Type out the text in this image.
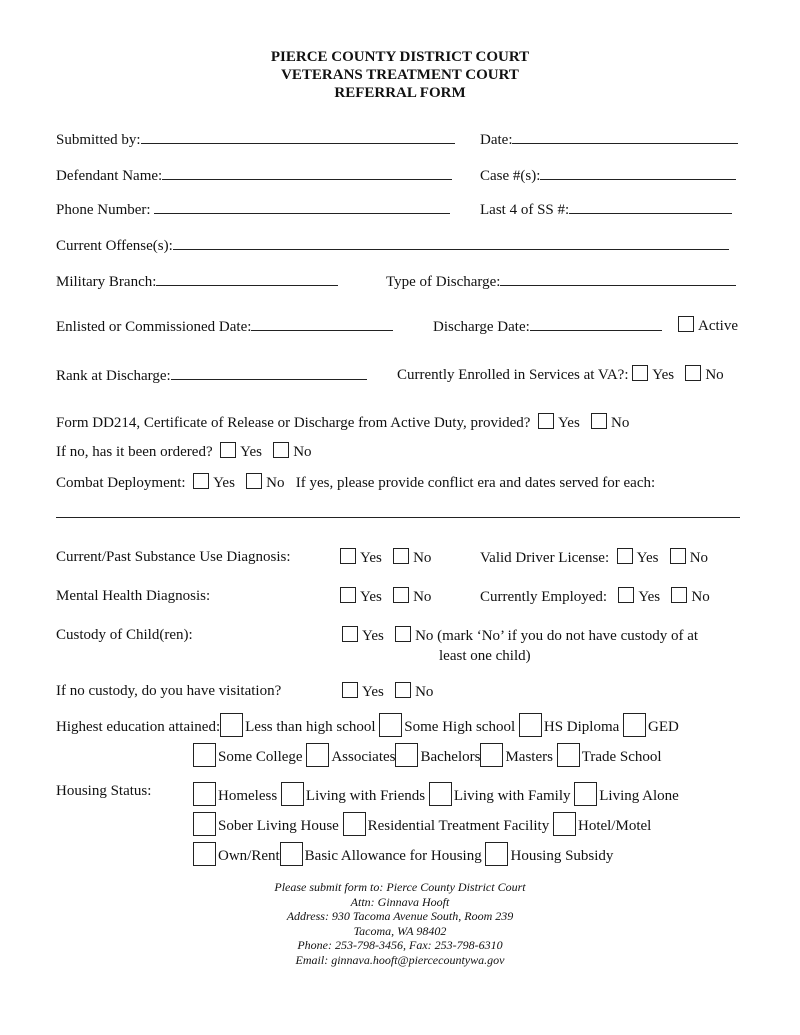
PIERCE COUNTY DISTRICT COURT
VETERANS TREATMENT COURT
REFERRAL FORM
Submitted by:	Date:
Defendant Name:	Case #(s):
Phone Number:	Last 4 of SS #:
Current Offense(s):
Military Branch:	Type of Discharge:
Enlisted or Commissioned Date:	Discharge Date:	Active
Rank at Discharge:	Currently Enrolled in Services at VA?: Yes No
Form DD214, Certificate of Release or Discharge from Active Duty, provided? Yes No
If no, has it been ordered? Yes No
Combat Deployment: Yes No If yes, please provide conflict era and dates served for each:
Current/Past Substance Use Diagnosis:	Yes No	Valid Driver License: Yes No
Mental Health Diagnosis:	Yes No	Currently Employed: Yes No
Custody of Child(ren):	Yes No (mark ‘No’ if you do not have custody of at
least one child)
If no custody, do you have visitation?	Yes No
Highest education attained: Less than high school Some High school HS Diploma GED
Some College Associates Bachelors Masters Trade School
Housing Status:	Homeless Living with Friends Living with Family Living Alone
Sober Living House Residential Treatment Facility Hotel/Motel
Own/Rent Basic Allowance for Housing Housing Subsidy
Please submit form to: Pierce County District Court
Attn: Ginnava Hooft
Address: 930 Tacoma Avenue South, Room 239
Tacoma, WA 98402
Phone: 253-798-3456, Fax: 253-798-6310
Email: ginnava.hooft@piercecountywa.gov
